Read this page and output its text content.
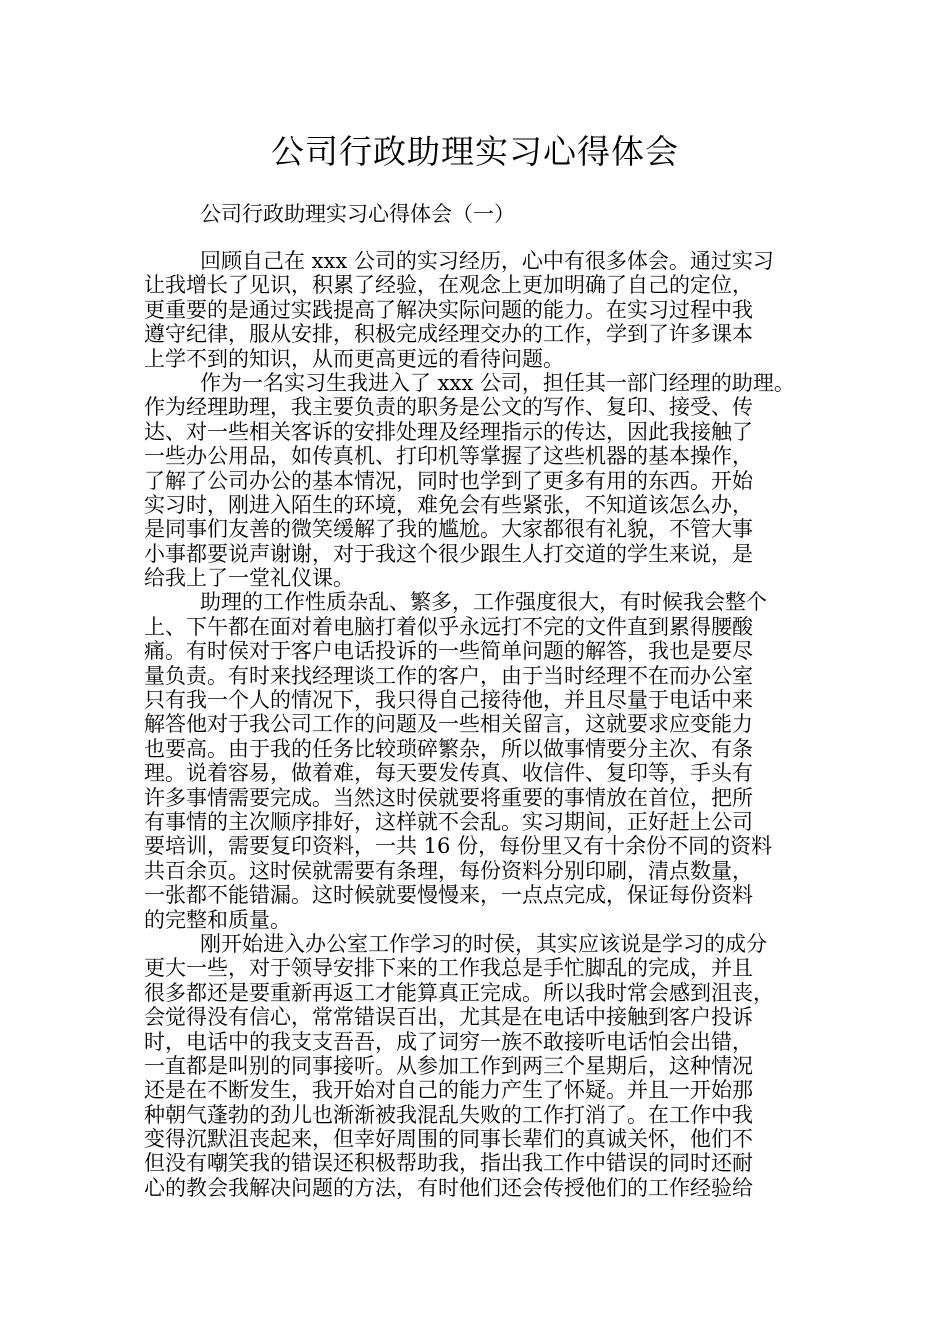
公司行政助理实习心得体会

公司行政助理实习心得体会（一）

回顾自己在 xxx 公司的实习经历，心中有很多体会。通过实习
让我增长了见识，积累了经验，在观念上更加明确了自己的定位，
更重要的是通过实践提高了解决实际问题的能力。在实习过程中我
遵守纪律，服从安排，积极完成经理交办的工作，学到了许多课本
上学不到的知识，从而更高更远的看待问题。
作为一名实习生我进入了 xxx 公司，担任其一部门经理的助理。
作为经理助理，我主要负责的职务是公文的写作、复印、接受、传
达、对一些相关客诉的安排处理及经理指示的传达，因此我接触了
一些办公用品，如传真机、打印机等掌握了这些机器的基本操作，
了解了公司办公的基本情况，同时也学到了更多有用的东西。开始
实习时，刚进入陌生的环境，难免会有些紧张，不知道该怎么办，
是同事们友善的微笑缓解了我的尴尬。大家都很有礼貌，不管大事
小事都要说声谢谢，对于我这个很少跟生人打交道的学生来说，是
给我上了一堂礼仪课。
助理的工作性质杂乱、繁多，工作强度很大，有时候我会整个
上、下午都在面对着电脑打着似乎永远打不完的文件直到累得腰酸
痛。有时侯对于客户电话投诉的一些简单问题的解答，我也是要尽
量负责。有时来找经理谈工作的客户，由于当时经理不在而办公室
只有我一个人的情况下，我只得自己接待他，并且尽量于电话中来
解答他对于我公司工作的问题及一些相关留言，这就要求应变能力
也要高。由于我的任务比较琐碎繁杂，所以做事情要分主次、有条
理。说着容易，做着难，每天要发传真、收信件、复印等，手头有
许多事情需要完成。当然这时侯就要将重要的事情放在首位，把所
有事情的主次顺序排好，这样就不会乱。实习期间，正好赶上公司
要培训，需要复印资料，一共 16 份，每份里又有十余份不同的资料
共百余页。这时侯就需要有条理，每份资料分别印刷，清点数量，
一张都不能错漏。这时候就要慢慢来，一点点完成，保证每份资料
的完整和质量。
刚开始进入办公室工作学习的时侯，其实应该说是学习的成分
更大一些，对于领导安排下来的工作我总是手忙脚乱的完成，并且
很多都还是要重新再返工才能算真正完成。所以我时常会感到沮丧，
会觉得没有信心，常常错误百出，尤其是在电话中接触到客户投诉
时，电话中的我支支吾吾，成了词穷一族不敢接听电话怕会出错，
一直都是叫别的同事接听。从参加工作到两三个星期后，这种情况
还是在不断发生，我开始对自己的能力产生了怀疑。并且一开始那
种朝气蓬勃的劲儿也渐渐被我混乱失败的工作打消了。在工作中我
变得沉默沮丧起来，但幸好周围的同事长辈们的真诚关怀，他们不
但没有嘲笑我的错误还积极帮助我，指出我工作中错误的同时还耐
心的教会我解决问题的方法，有时他们还会传授他们的工作经验给
